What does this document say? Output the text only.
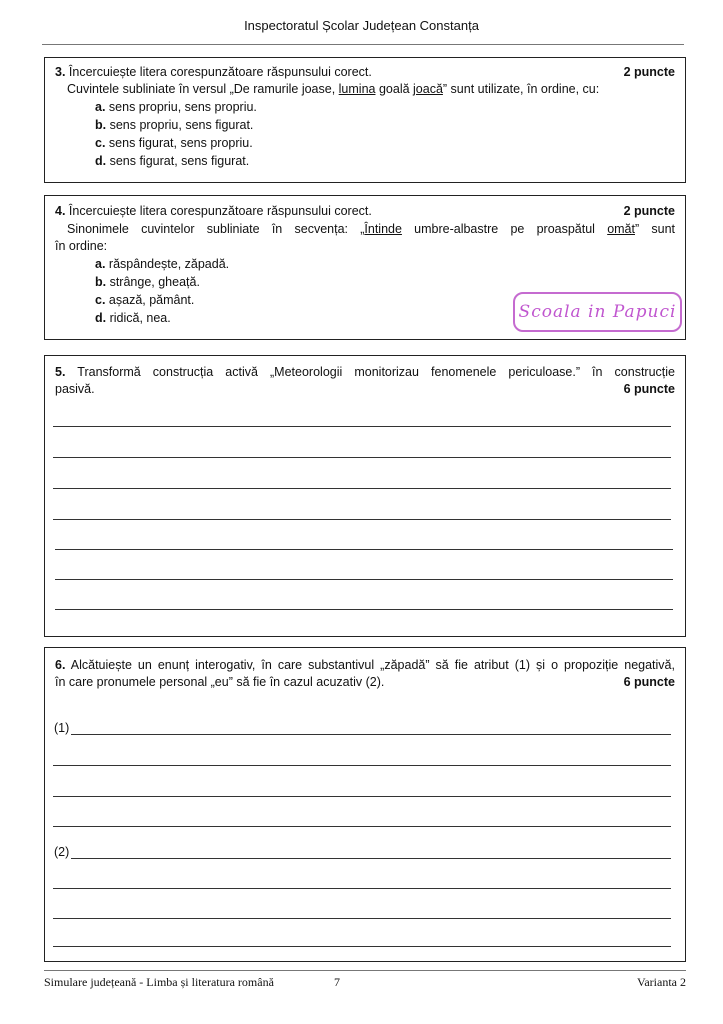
Inspectoratul Școlar Județean Constanța
3. Încercuiește litera corespunzătoare răspunsului corect.	2 puncte
Cuvintele subliniate în versul „De ramurile joase, lumina goală joacă” sunt utilizate, în ordine, cu:
a. sens propriu, sens propriu.
b. sens propriu, sens figurat.
c. sens figurat, sens propriu.
d. sens figurat, sens figurat.
4. Încercuiește litera corespunzătoare răspunsului corect.	2 puncte
Sinonimele cuvintelor subliniate în secvența: „Întinde umbre-albastre pe proaspătul omăt” sunt
în ordine:
a. răspândește, zăpadă.
b. strânge, gheață.
c. așază, pământ.
d. ridică, nea.	Scoala in Papuci
5. Transformă construcția activă „Meteorologii monitorizau fenomenele periculoase.” în construcție
pasivă.	6 puncte
6. Alcătuiește un enunț interogativ, în care substantivul „zăpadă” să fie atribut (1) și o propoziție negativă,
în care pronumele personal „eu” să fie în cazul acuzativ (2).	6 puncte
(1)
(2)
Simulare județeană - Limba și literatura română	7	Varianta 2
